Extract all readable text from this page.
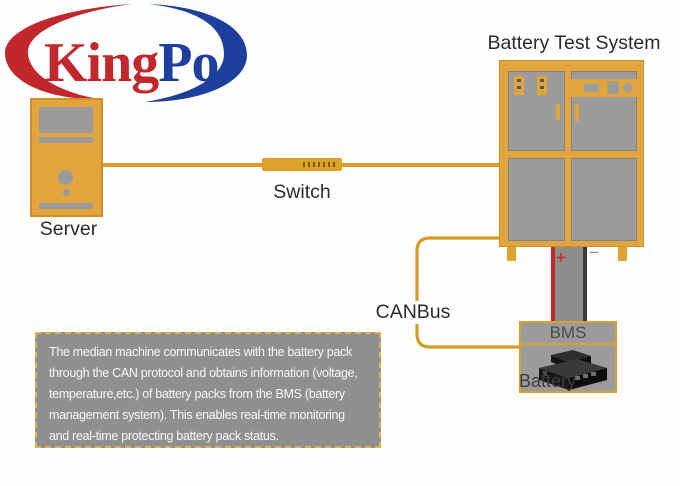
KingPo
Server
Switch
Battery Test System
+ −
CANBus
BMS
Battery
The median machine communicates with the battery pack
through the CAN protocol and obtains information (voltage,
temperature,etc.) of battery packs from the BMS (battery
management system). This enables real-time monitoring
and real-time protecting battery pack status.
